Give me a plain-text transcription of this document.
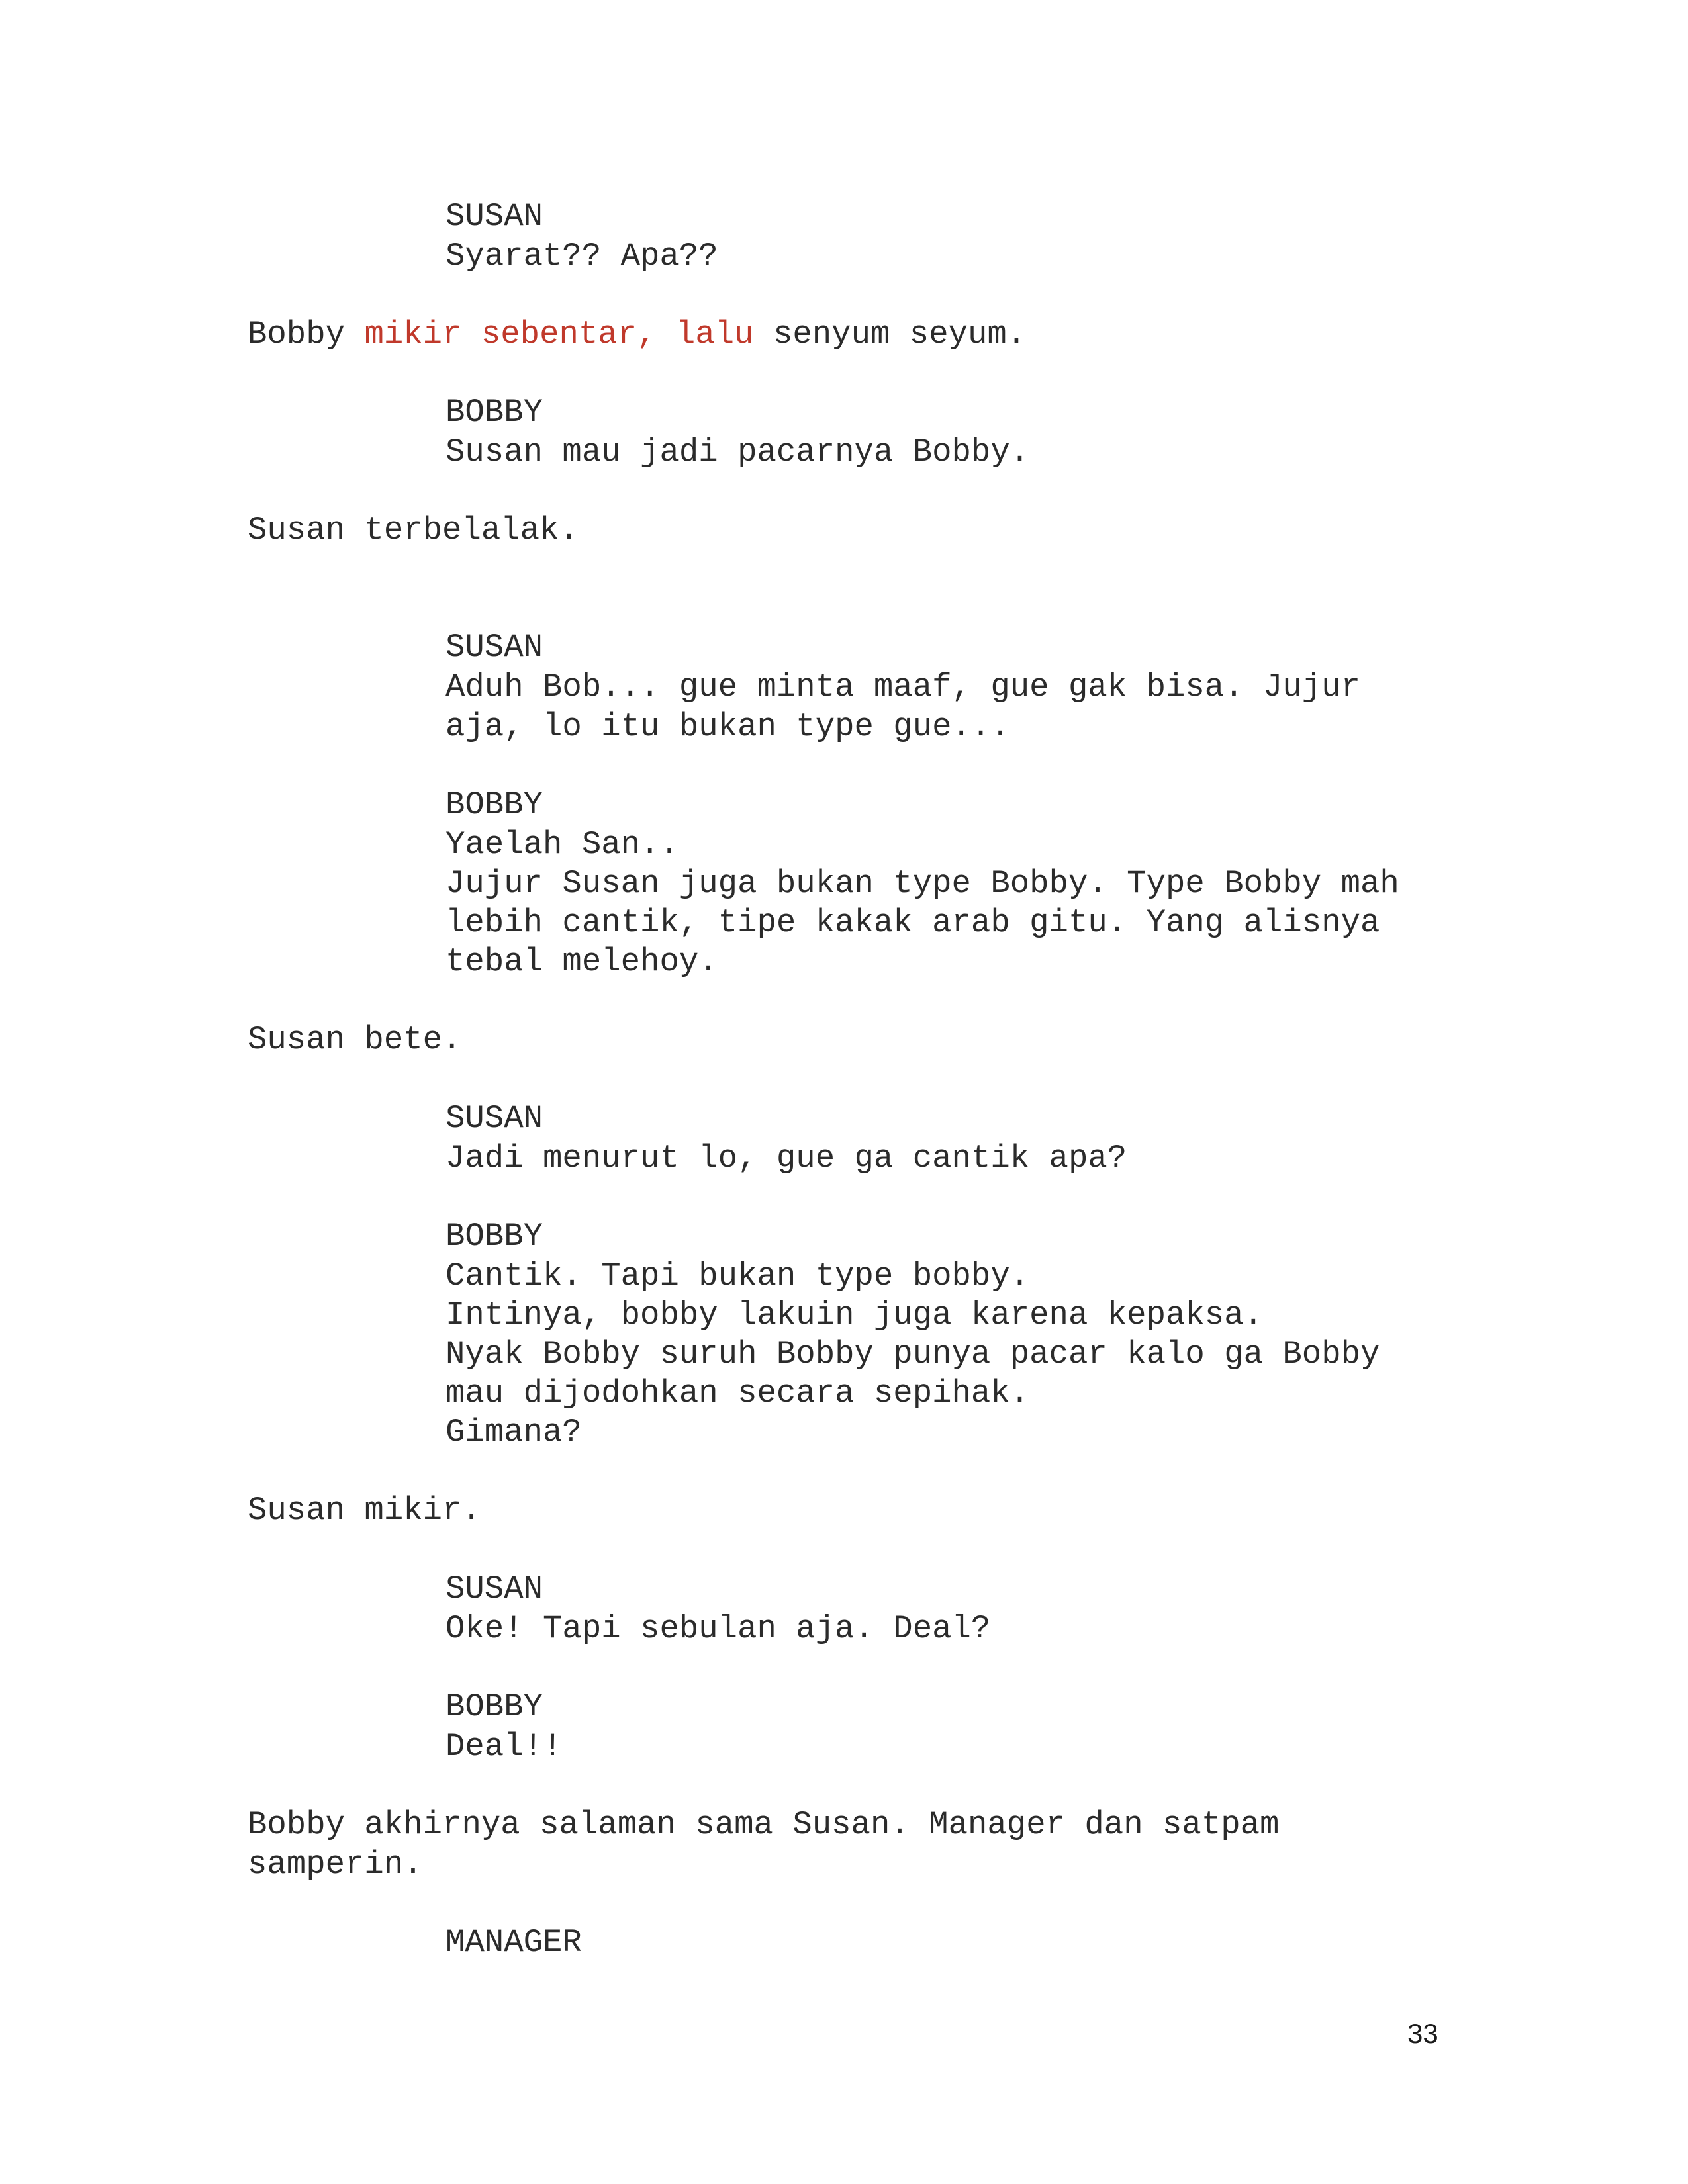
SUSAN

Syarat?? Apa??

Bobby mikir sebentar, lalu senyum seyum.

BOBBY

Susan mau jadi pacarnya Bobby.

Susan terbelalak.

SUSAN

Aduh Bob... gue minta maaf, gue gak bisa. Jujur

aja, lo itu bukan type gue...

BOBBY

Yaelah San..

Jujur Susan juga bukan type Bobby. Type Bobby mah

lebih cantik, tipe kakak arab gitu. Yang alisnya

tebal melehoy.

Susan bete.

SUSAN

Jadi menurut lo, gue ga cantik apa?

BOBBY

Cantik. Tapi bukan type bobby.

Intinya, bobby lakuin juga karena kepaksa.

Nyak Bobby suruh Bobby punya pacar kalo ga Bobby

mau dijodohkan secara sepihak.

Gimana?

Susan mikir.

SUSAN

Oke! Tapi sebulan aja. Deal?

BOBBY

Deal!!

Bobby akhirnya salaman sama Susan. Manager dan satpam

samperin.

MANAGER

33
